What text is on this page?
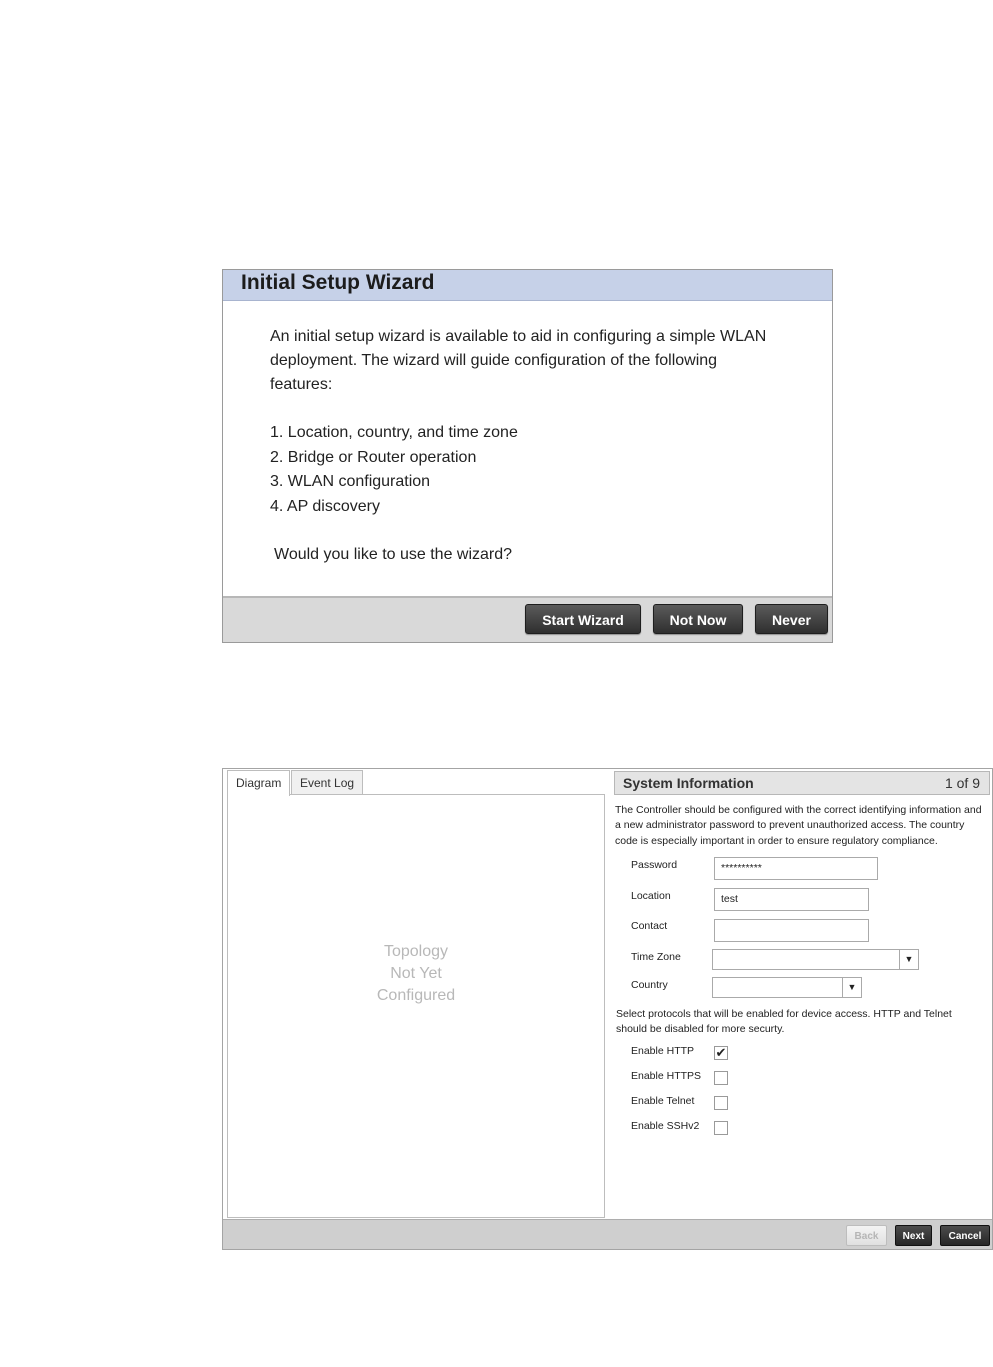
Initial Setup Wizard

An initial setup wizard is available to aid in configuring a simple WLAN

deployment. The wizard will guide configuration of the following

features:

1. Location, country, and time zone
2. Bridge or Router operation
3. WLAN configuration
4. AP discovery

Would you like to use the wizard?

Start Wizard	Not Now	Never
Diagram	Event Log
Topology
Not Yet
Configured
System Information	1 of 9
The Controller should be configured with the correct identifying information and
a new administrator password to prevent unauthorized access. The country
code is especially important in order to ensure regulatory compliance.
Password	**********
Location	test
Contact
Time Zone	▼
Country	▼
Select protocols that will be enabled for device access. HTTP and Telnet
should be disabled for more securty.
Enable HTTP ✔
Enable HTTPS
Enable Telnet
Enable SSHv2
Back	Next	Cancel
